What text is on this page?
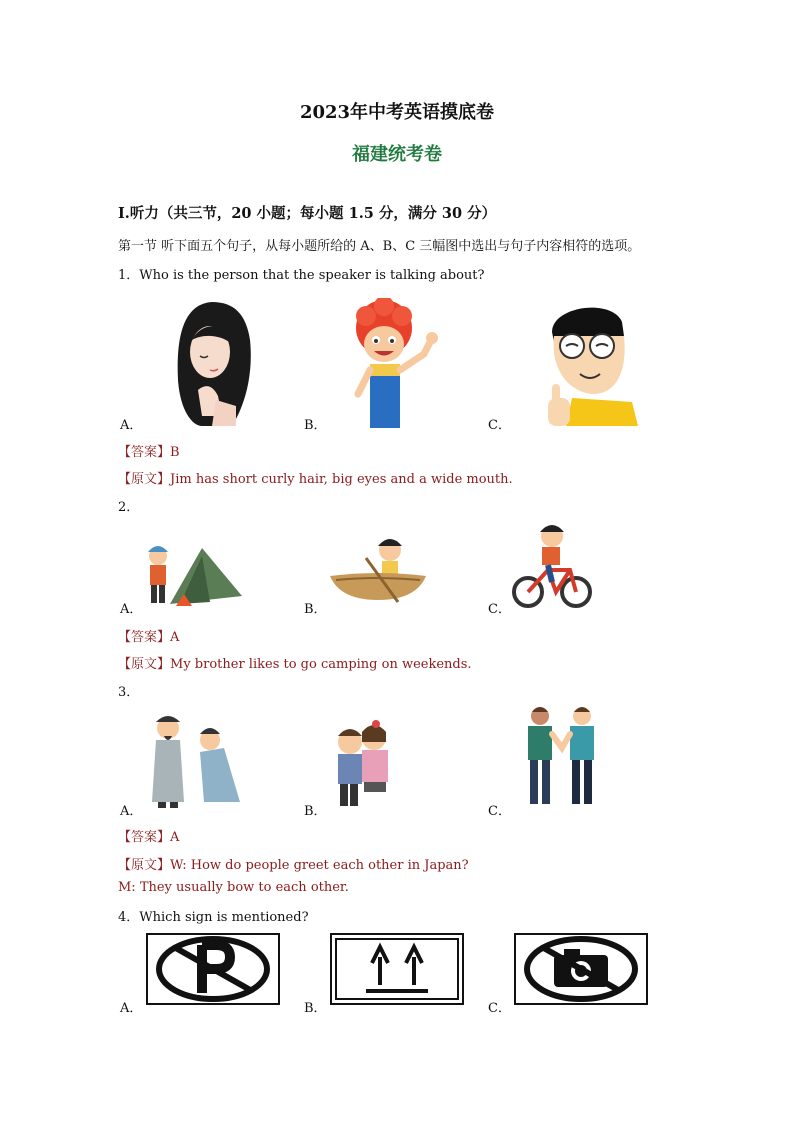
2023年中考英语摸底卷
福建统考卷
I.听力（共三节，20 小题；每小题 1.5 分，满分 30 分）
第一节 听下面五个句子，从每小题所给的 A、B、C 三幅图中选出与句子内容相符的选项。
1．Who is the person that the speaker is talking about?
A．	B．	C．
【答案】B
【原文】Jim has short curly hair, big eyes and a wide mouth.
2．
A．	B．	C．
【答案】A
【原文】My brother likes to go camping on weekends.
3．
A．	B．	C．
【答案】A
【原文】W: How do people greet each other in Japan?
M: They usually bow to each other.
4．Which sign is mentioned?
A．	B．	C．
